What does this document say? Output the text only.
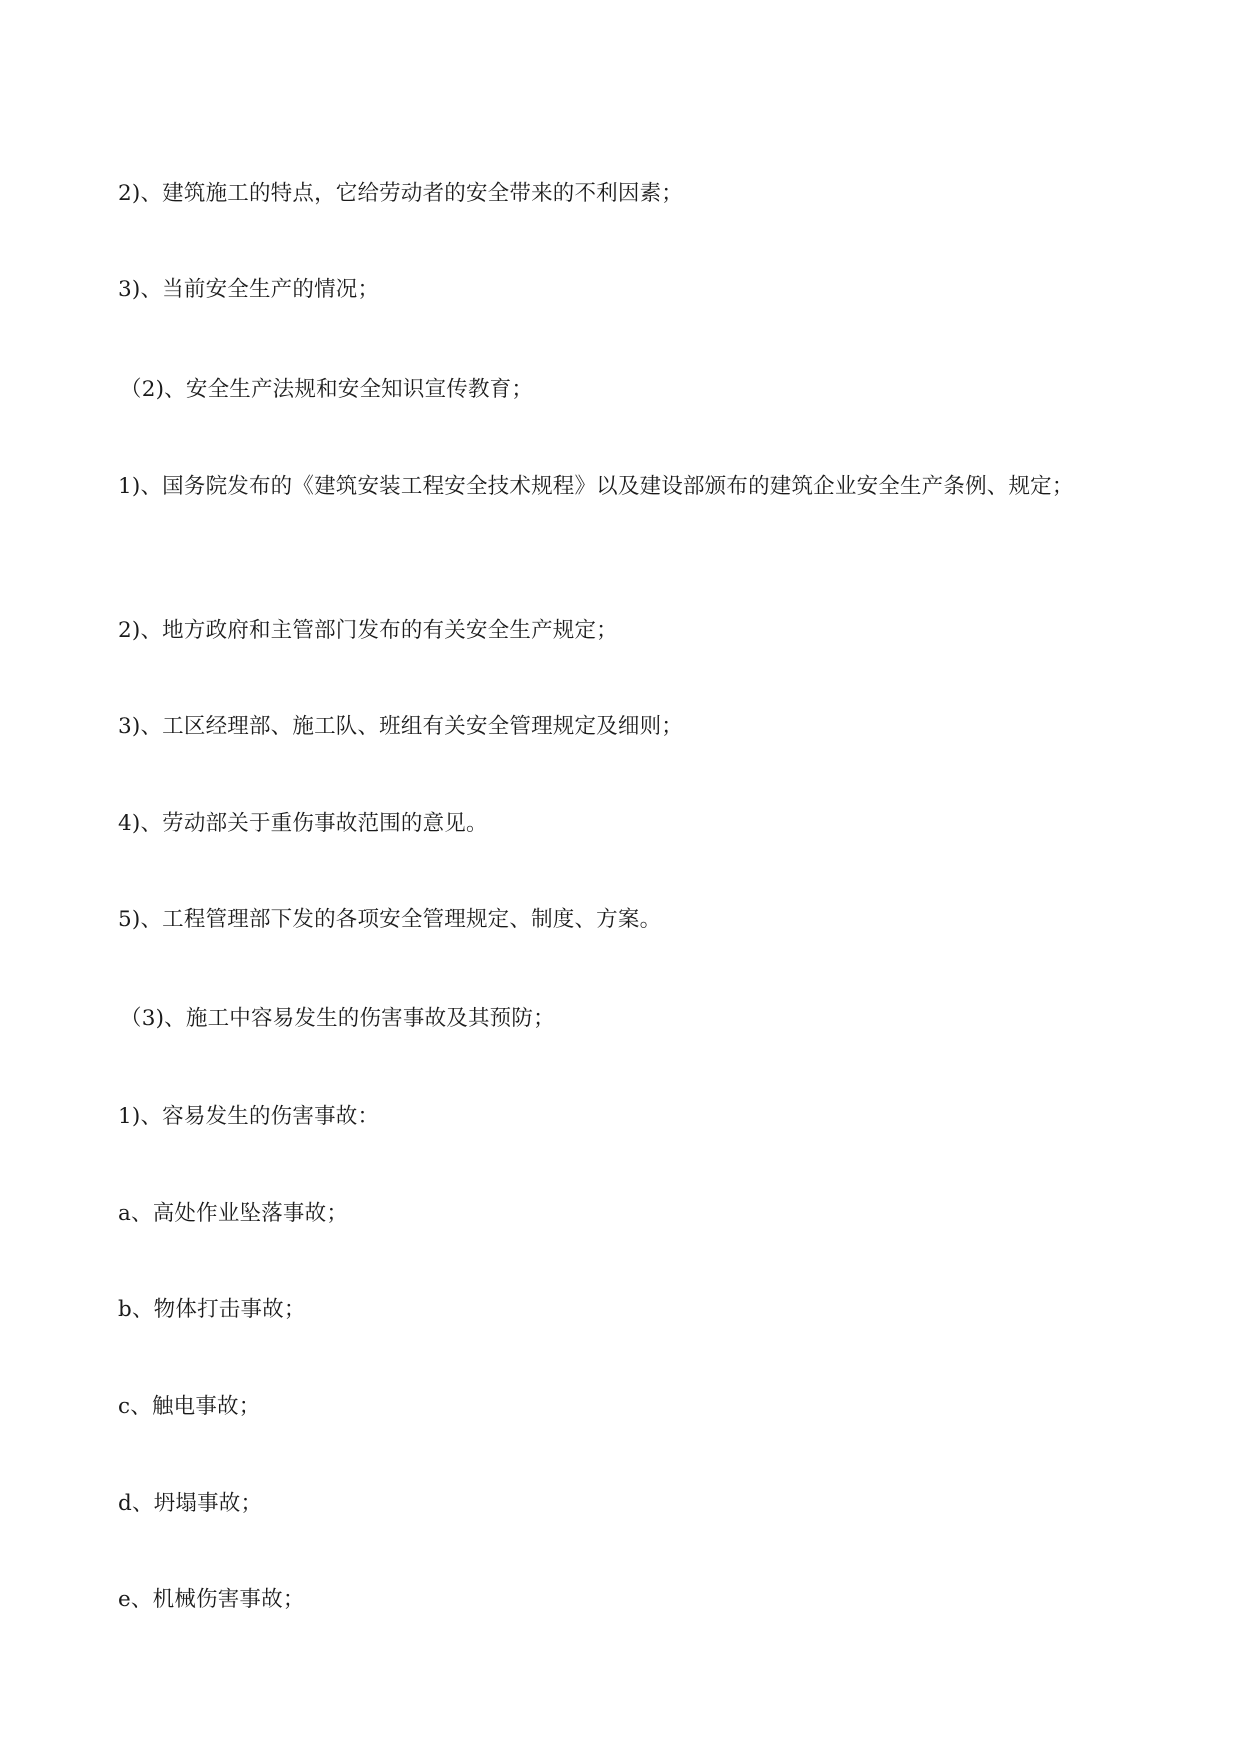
2)、建筑施工的特点，它给劳动者的安全带来的不利因素；
3)、当前安全生产的情况；
（2)、安全生产法规和安全知识宣传教育；
1)、国务院发布的《建筑安装工程安全技术规程》以及建设部颁布的建筑企业安全生产条例、规定；
2)、地方政府和主管部门发布的有关安全生产规定；
3)、工区经理部、施工队、班组有关安全管理规定及细则；
4)、劳动部关于重伤事故范围的意见。
5)、工程管理部下发的各项安全管理规定、制度、方案。
（3)、施工中容易发生的伤害事故及其预防；
1)、容易发生的伤害事故：
a、高处作业坠落事故；
b、物体打击事故；
c、触电事故；
d、坍塌事故；
e、机械伤害事故；
